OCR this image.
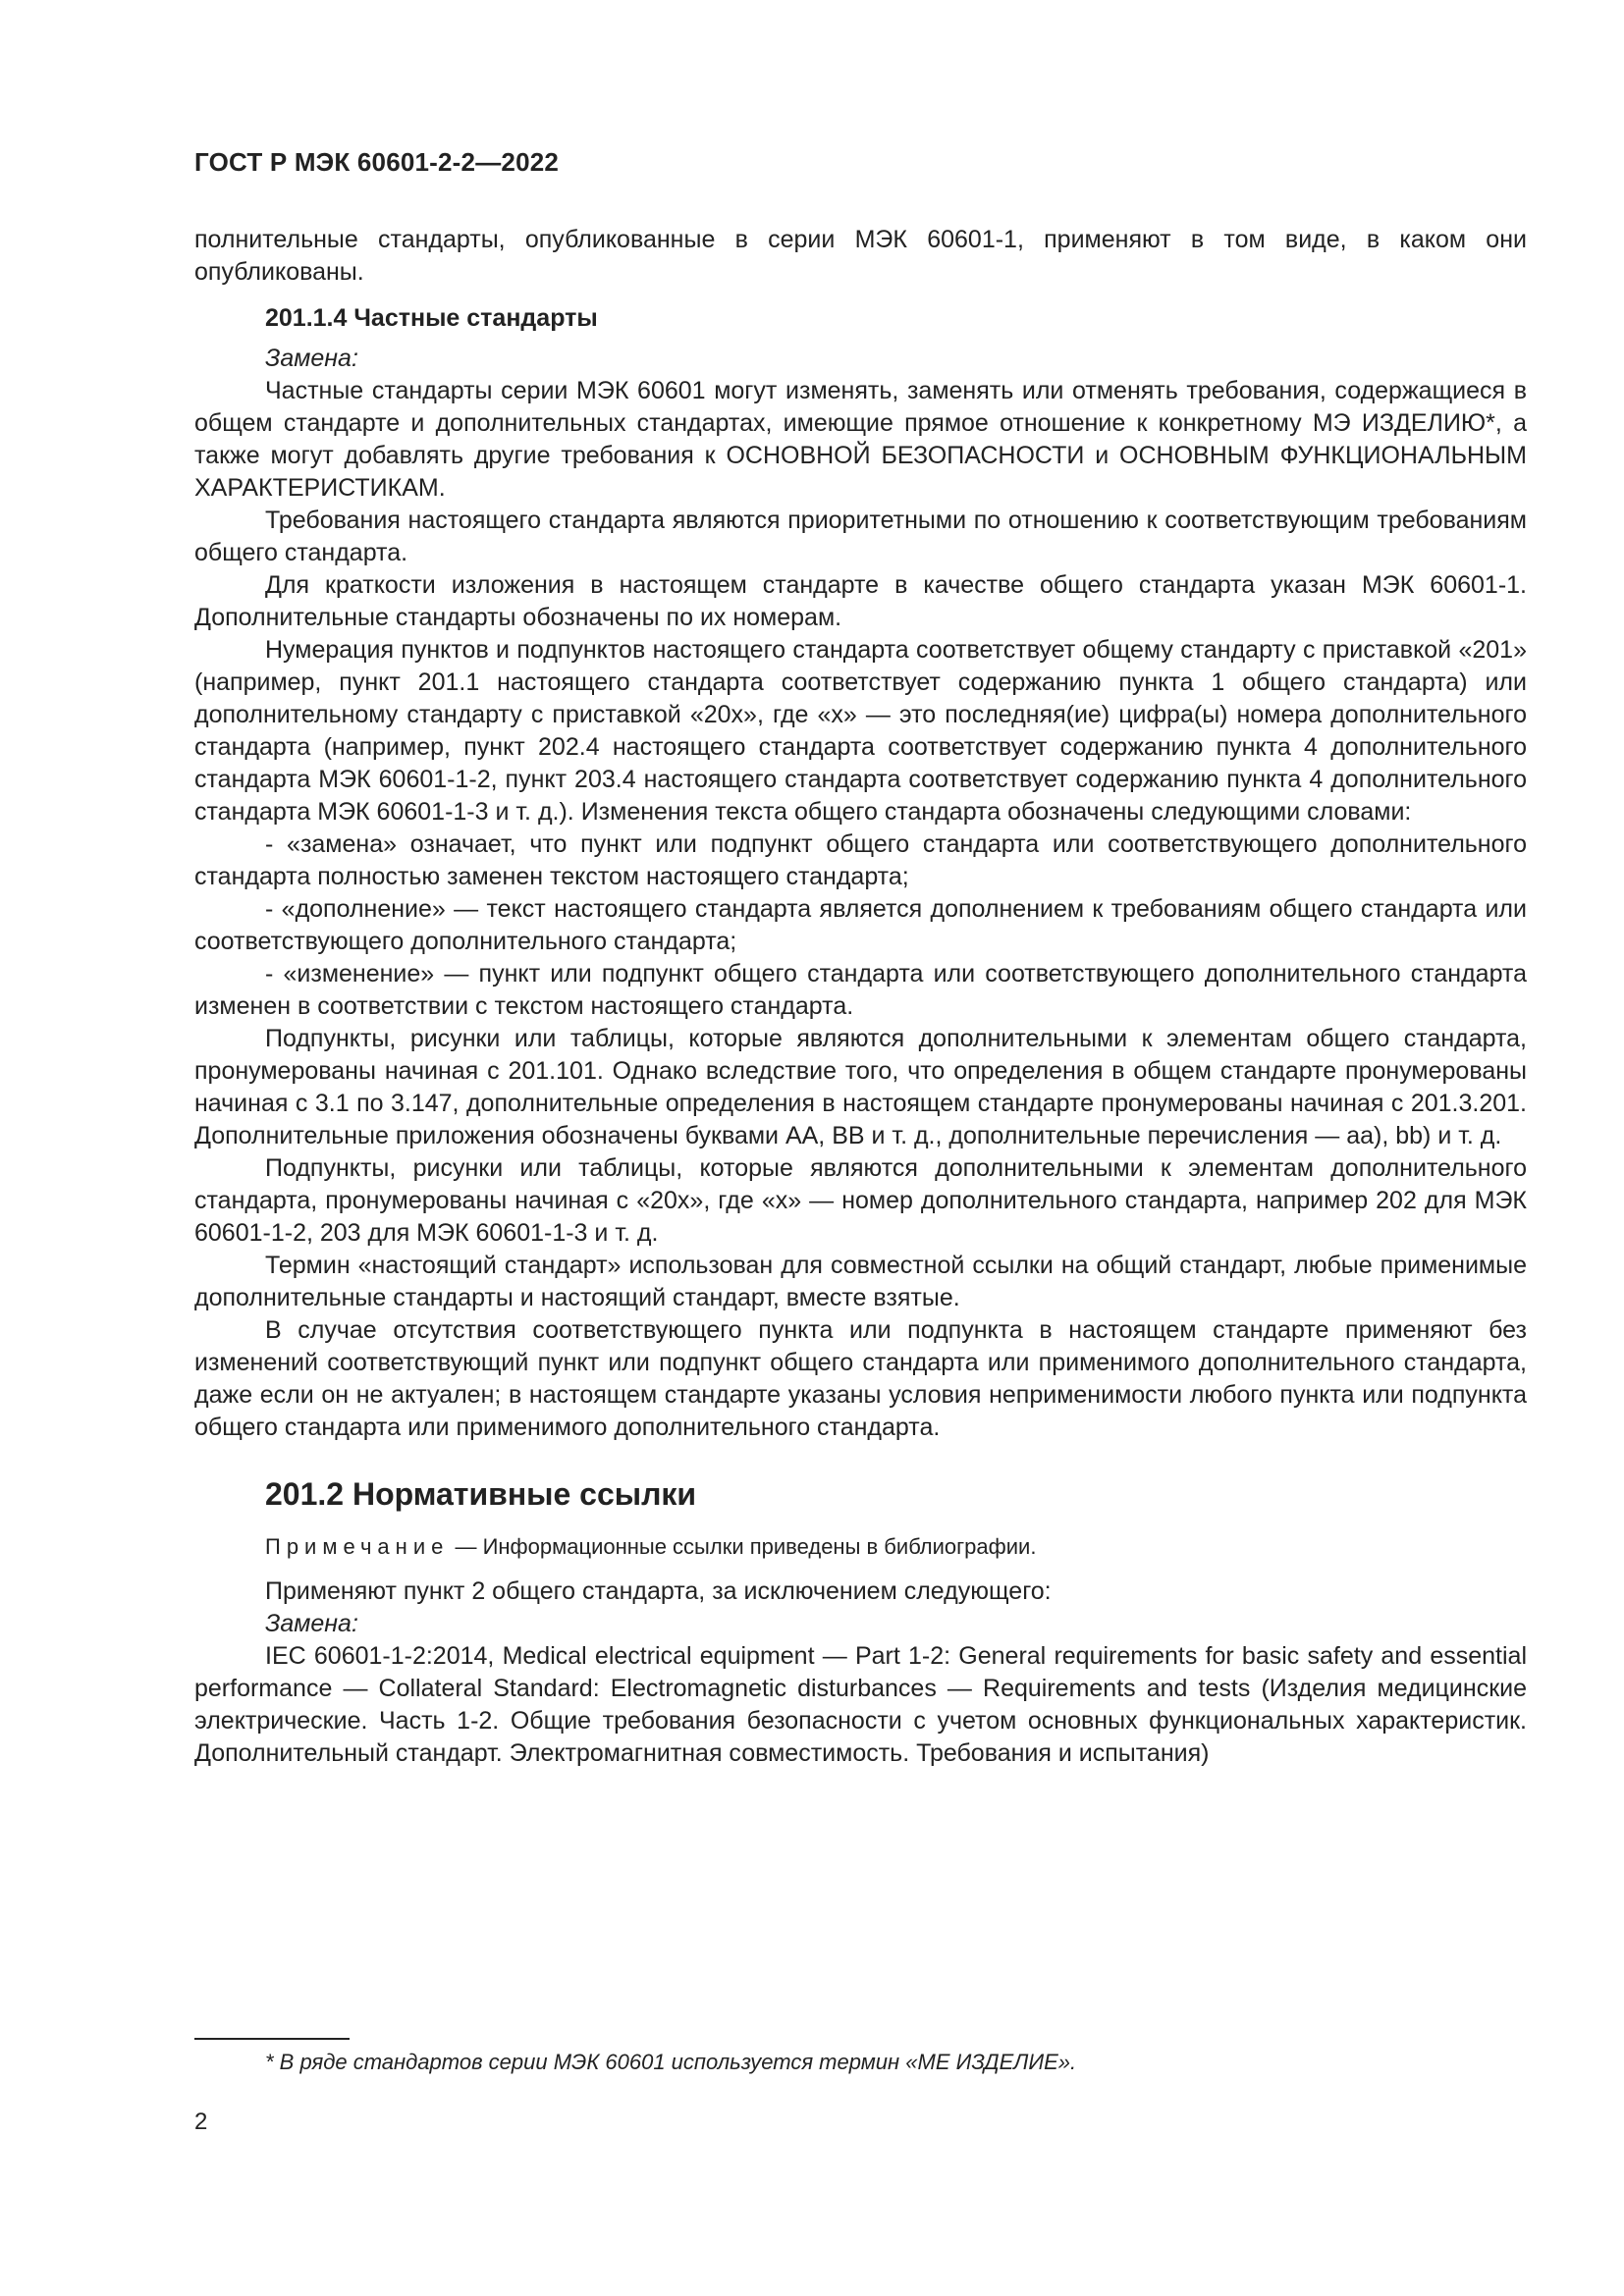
ГОСТ Р МЭК 60601-2-2—2022

полнительные стандарты, опубликованные в серии МЭК 60601-1, применяют в том виде, в каком они опубликованы.

201.1.4 Частные стандарты

Замена:

Частные стандарты серии МЭК 60601 могут изменять, заменять или отменять требования, содержащиеся в общем стандарте и дополнительных стандартах, имеющие прямое отношение к конкретному МЭ ИЗДЕЛИЮ*, а также могут добавлять другие требования к ОСНОВНОЙ БЕЗОПАСНОСТИ и ОСНОВНЫМ ФУНКЦИОНАЛЬНЫМ ХАРАКТЕРИСТИКАМ.

Требования настоящего стандарта являются приоритетными по отношению к соответствующим требованиям общего стандарта.

Для краткости изложения в настоящем стандарте в качестве общего стандарта указан МЭК 60601-1. Дополнительные стандарты обозначены по их номерам.

Нумерация пунктов и подпунктов настоящего стандарта соответствует общему стандарту с приставкой «201» (например, пункт 201.1 настоящего стандарта соответствует содержанию пункта 1 общего стандарта) или дополнительному стандарту с приставкой «20х», где «х» — это последняя(ие) цифра(ы) номера дополнительного стандарта (например, пункт 202.4 настоящего стандарта соответствует содержанию пункта 4 дополнительного стандарта МЭК 60601-1-2, пункт 203.4 настоящего стандарта соответствует содержанию пункта 4 дополнительного стандарта МЭК 60601-1-3 и т. д.). Изменения текста общего стандарта обозначены следующими словами:

- «замена» означает, что пункт или подпункт общего стандарта или соответствующего дополнительного стандарта полностью заменен текстом настоящего стандарта;

- «дополнение» — текст настоящего стандарта является дополнением к требованиям общего стандарта или соответствующего дополнительного стандарта;

- «изменение» — пункт или подпункт общего стандарта или соответствующего дополнительного стандарта изменен в соответствии с текстом настоящего стандарта.

Подпункты, рисунки или таблицы, которые являются дополнительными к элементам общего стандарта, пронумерованы начиная с 201.101. Однако вследствие того, что определения в общем стандарте пронумерованы начиная с 3.1 по 3.147, дополнительные определения в настоящем стандарте пронумерованы начиная с 201.3.201. Дополнительные приложения обозначены буквами АА, ВВ и т. д., дополнительные перечисления — аа), bb) и т. д.

Подпункты, рисунки или таблицы, которые являются дополнительными к элементам дополнительного стандарта, пронумерованы начиная с «20х», где «х» — номер дополнительного стандарта, например 202 для МЭК 60601-1-2, 203 для МЭК 60601-1-3 и т. д.

Термин «настоящий стандарт» использован для совместной ссылки на общий стандарт, любые применимые дополнительные стандарты и настоящий стандарт, вместе взятые.

В случае отсутствия соответствующего пункта или подпункта в настоящем стандарте применяют без изменений соответствующий пункт или подпункт общего стандарта или применимого дополнительного стандарта, даже если он не актуален; в настоящем стандарте указаны условия неприменимости любого пункта или подпункта общего стандарта или применимого дополнительного стандарта.

201.2 Нормативные ссылки

Примечание — Информационные ссылки приведены в библиографии.

Применяют пункт 2 общего стандарта, за исключением следующего:

Замена:

IEC 60601-1-2:2014, Medical electrical equipment — Part 1-2: General requirements for basic safety and essential performance — Collateral Standard: Electromagnetic disturbances — Requirements and tests (Изделия медицинские электрические. Часть 1-2. Общие требования безопасности с учетом основных функциональных характеристик. Дополнительный стандарт. Электромагнитная совместимость. Требования и испытания)

* В ряде стандартов серии МЭК 60601 используется термин «МЕ ИЗДЕЛИЕ».
2
